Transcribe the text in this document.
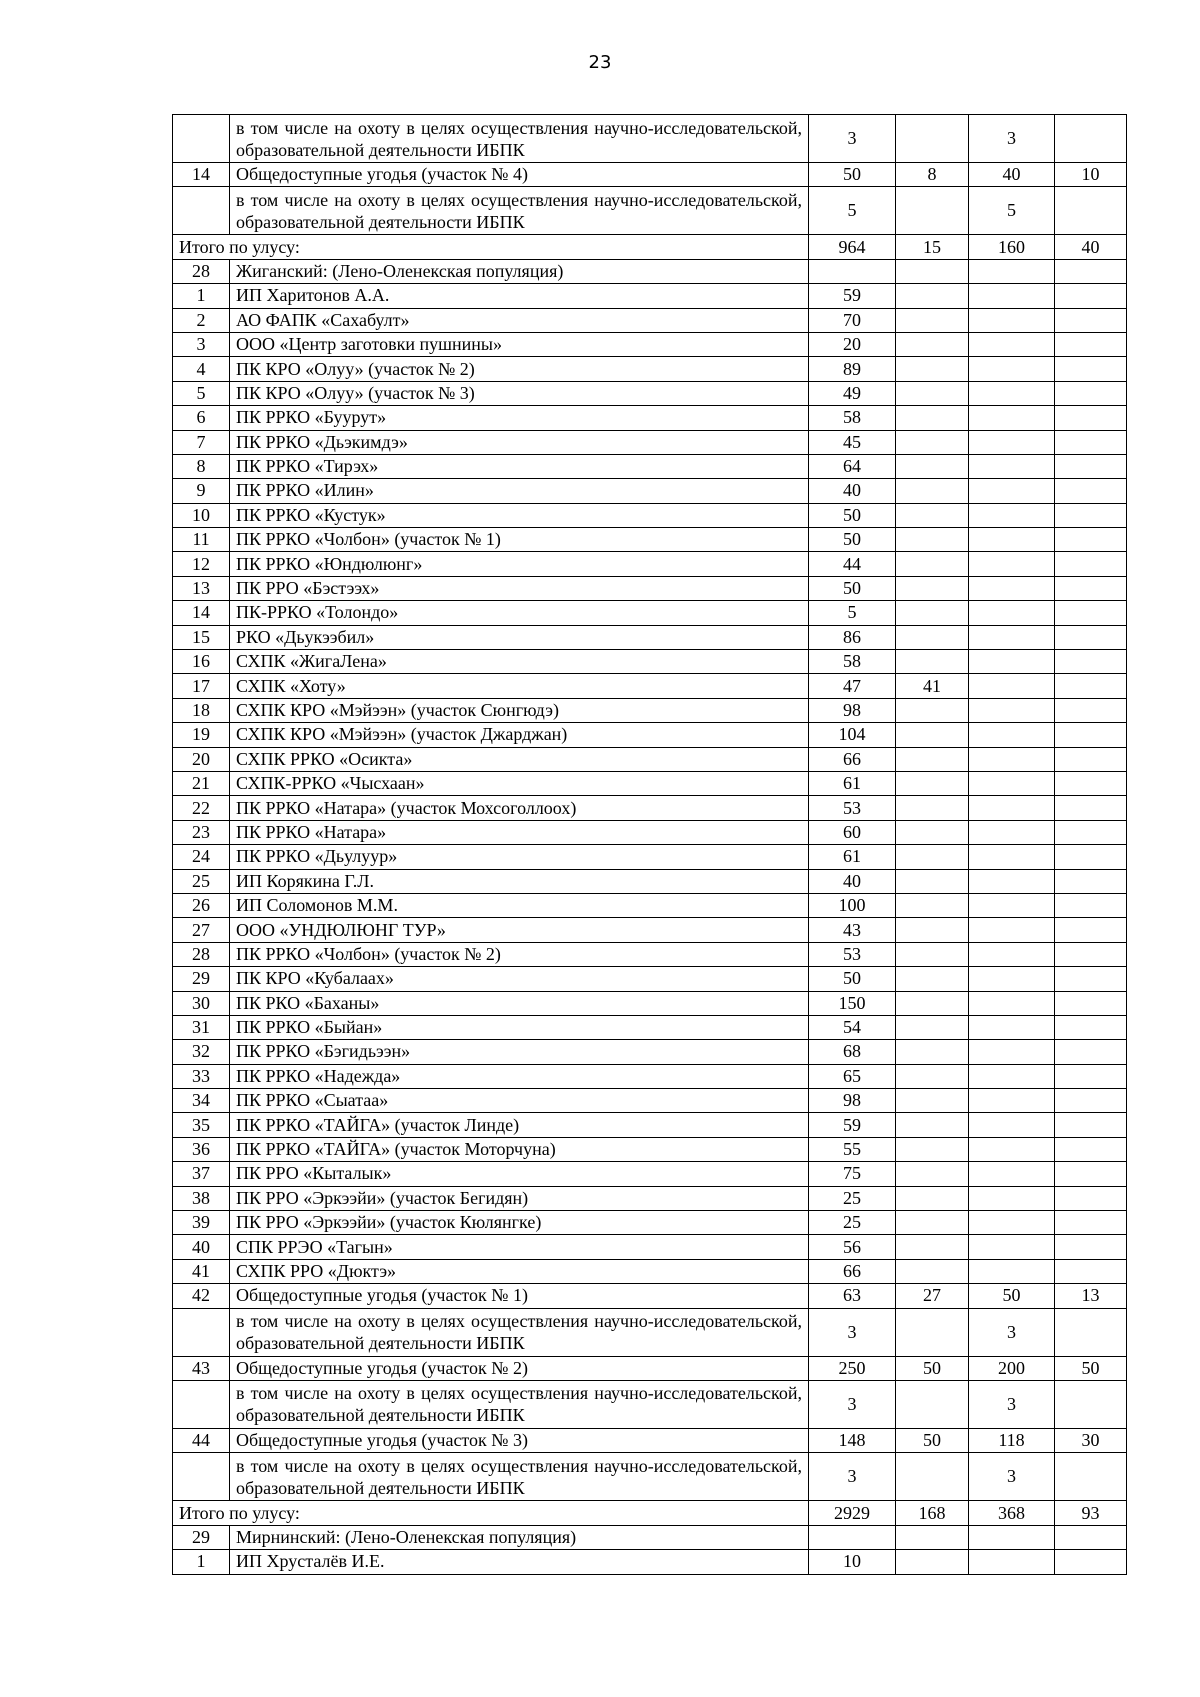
23
	в том числе на охоту в целях осуществления научно-исследовательской, образовательной деятельности ИБПК	3		3	
14	Общедоступные угодья (участок № 4)	50	8	40	10
	в том числе на охоту в целях осуществления научно-исследовательской, образовательной деятельности ИБПК	5		5	
Итого по улусу:		964	15	160	40
28	Жиганский: (Лено-Оленекская популяция)				
1	ИП Харитонов А.А.	59			
2	АО ФАПК «Сахабулт»	70			
3	ООО «Центр заготовки пушнины»	20			
4	ПК КРО «Олуу» (участок № 2)	89			
5	ПК КРО «Олуу» (участок № 3)	49			
6	ПК РРКО «Буурут»	58			
7	ПК РРКО «Дьэкимдэ»	45			
8	ПК РРКО «Тирэх»	64			
9	ПК РРКО «Илин»	40			
10	ПК РРКО «Кустук»	50			
11	ПК РРКО «Чолбон» (участок № 1)	50			
12	ПК РРКО «Юндюлюнг»	44			
13	ПК РРО «Бэстээх»	50			
14	ПК-РРКО «Толондо»	5			
15	РКО «Дьукээбил»	86			
16	СХПК «ЖигаЛена»	58			
17	СХПК «Хоту»	47	41		
18	СХПК КРО «Мэйээн» (участок Сюнгюдэ)	98			
19	СХПК КРО «Мэйээн» (участок Джарджан)	104			
20	СХПК РРКО «Осикта»	66			
21	СХПК-РРКО «Чысхаан»	61			
22	ПК РРКО «Натара» (участок Мохсоголлоох)	53			
23	ПК РРКО «Натара»	60			
24	ПК РРКО «Дьулуур»	61			
25	ИП Корякина Г.Л.	40			
26	ИП Соломонов М.М.	100			
27	ООО «УНДЮЛЮНГ ТУР»	43			
28	ПК РРКО «Чолбон» (участок № 2)	53			
29	ПК КРО «Кубалаах»	50			
30	ПК РКО «Баханы»	150			
31	ПК РРКО «Быйан»	54			
32	ПК РРКО «Бэгидьээн»	68			
33	ПК РРКО «Надежда»	65			
34	ПК РРКО «Сыатаа»	98			
35	ПК РРКО «ТАЙГА» (участок Линде)	59			
36	ПК РРКО «ТАЙГА» (участок Моторчуна)	55			
37	ПК РРО «Кыталык»	75			
38	ПК РРО «Эркээйи» (участок Бегидян)	25			
39	ПК РРО «Эркээйи» (участок Кюлянгке)	25			
40	СПК РРЭО «Тагын»	56			
41	СХПК РРО «Дюктэ»	66			
42	Общедоступные угодья (участок № 1)	63	27	50	13
	в том числе на охоту в целях осуществления научно-исследовательской, образовательной деятельности ИБПК	3		3	
43	Общедоступные угодья (участок № 2)	250	50	200	50
	в том числе на охоту в целях осуществления научно-исследовательской, образовательной деятельности ИБПК	3		3	
44	Общедоступные угодья (участок № 3)	148	50	118	30
	в том числе на охоту в целях осуществления научно-исследовательской, образовательной деятельности ИБПК	3		3	
Итого по улусу:		2929	168	368	93
29	Мирнинский: (Лено-Оленекская популяция)				
1	ИП Хрусталёв И.Е.	10			
